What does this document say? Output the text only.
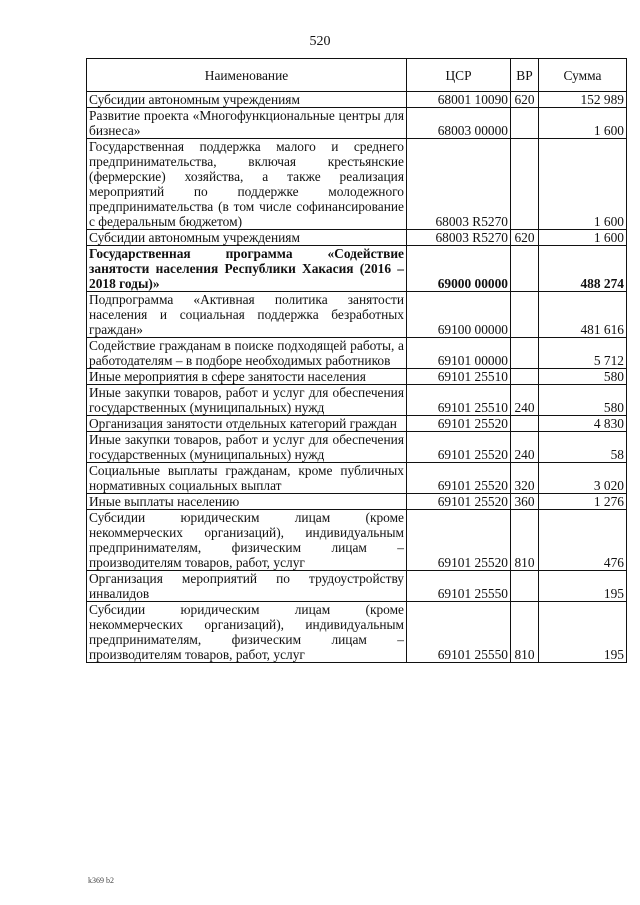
520
Наименование	ЦСР	ВР	Сумма
Субсидии автономным учреждениям	68001 10090	620	152 989
Развитие проекта «Многофункциональные центры для бизнеса»	68003 00000		1 600
Государственная поддержка малого и среднего предпринимательства, включая крестьянские (фермерские) хозяйства, а также реализация мероприятий по поддержке молодежного предпринимательства (в том числе софинансирование с федеральным бюджетом)	68003 R5270		1 600
Субсидии автономным учреждениям	68003 R5270	620	1 600
Государственная программа «Содействие занятости населения Республики Хакасия (2016 – 2018 годы)»	69000 00000		488 274
Подпрограмма «Активная политика занятости населения и социальная поддержка безработных граждан»	69100 00000		481 616
Содействие гражданам в поиске подходящей работы, а работодателям – в подборе необходимых работников	69101 00000		5 712
Иные мероприятия в сфере занятости населения	69101 25510		580
Иные закупки товаров, работ и услуг для обеспечения государственных (муниципальных) нужд	69101 25510	240	580
Организация занятости отдельных категорий граждан	69101 25520		4 830
Иные закупки товаров, работ и услуг для обеспечения государственных (муниципальных) нужд	69101 25520	240	58
Социальные выплаты гражданам, кроме публичных нормативных социальных выплат	69101 25520	320	3 020
Иные выплаты населению	69101 25520	360	1 276
Субсидии юридическим лицам (кроме некоммерческих организаций), индивидуальным предпринимателям, физическим лицам – производителям товаров, работ, услуг	69101 25520	810	476
Организация мероприятий по трудоустройству инвалидов	69101 25550		195
Субсидии юридическим лицам (кроме некоммерческих организаций), индивидуальным предпринимателям, физическим лицам – производителям товаров, работ, услуг	69101 25550	810	195
k369 b2
